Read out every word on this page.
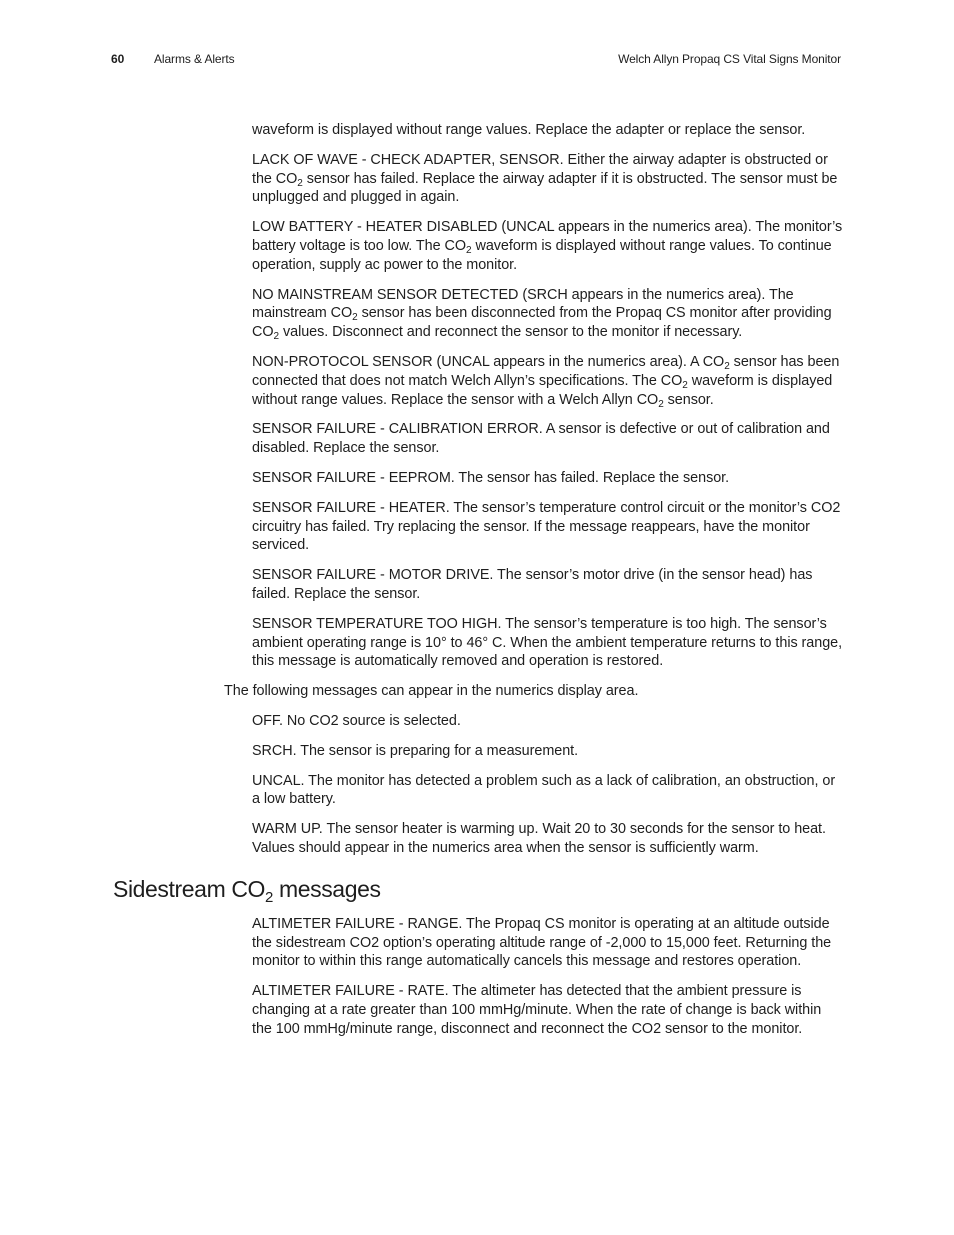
60 Alarms & Alerts	Welch Allyn Propaq CS Vital Signs Monitor

waveform is displayed without range values. Replace the adapter or replace the sensor.

LACK OF WAVE - CHECK ADAPTER, SENSOR. Either the airway adapter is obstructed or the $CO_2$ sensor has failed. Replace the airway adapter if it is obstructed. The sensor must be unplugged and plugged in again.

LOW BATTERY - HEATER DISABLED (UNCAL appears in the numerics area). The monitor’s battery voltage is too low. The $CO_2$ waveform is displayed without range values. To continue operation, supply ac power to the monitor.

NO MAINSTREAM SENSOR DETECTED (SRCH appears in the numerics area). The mainstream $CO_2$ sensor has been disconnected from the Propaq CS monitor after providing $CO_2$ values. Disconnect and reconnect the sensor to the monitor if necessary.

NON-PROTOCOL SENSOR (UNCAL appears in the numerics area). A $CO_2$ sensor has been connected that does not match Welch Allyn’s specifications. The $CO_2$ waveform is displayed without range values. Replace the sensor with a Welch Allyn $CO_2$ sensor.

SENSOR FAILURE - CALIBRATION ERROR. A sensor is defective or out of calibration and disabled. Replace the sensor.

SENSOR FAILURE - EEPROM. The sensor has failed. Replace the sensor.

SENSOR FAILURE - HEATER. The sensor’s temperature control circuit or the monitor’s CO2 circuitry has failed. Try replacing the sensor. If the message reappears, have the monitor serviced.

SENSOR FAILURE - MOTOR DRIVE. The sensor’s motor drive (in the sensor head) has failed. Replace the sensor.

SENSOR TEMPERATURE TOO HIGH. The sensor’s temperature is too high. The sensor’s ambient operating range is 10° to 46° C. When the ambient temperature returns to this range, this message is automatically removed and operation is restored.

The following messages can appear in the numerics display area.

OFF. No CO2 source is selected.

SRCH. The sensor is preparing for a measurement.

UNCAL. The monitor has detected a problem such as a lack of calibration, an obstruction, or a low battery.

WARM UP. The sensor heater is warming up. Wait 20 to 30 seconds for the sensor to heat. Values should appear in the numerics area when the sensor is sufficiently warm.

Sidestream $CO_2$ messages

ALTIMETER FAILURE - RANGE. The Propaq CS monitor is operating at an altitude outside the sidestream CO2 option’s operating altitude range of -2,000 to 15,000 feet. Returning the monitor to within this range automatically cancels this message and restores operation.

ALTIMETER FAILURE - RATE. The altimeter has detected that the ambient pressure is changing at a rate greater than 100 mmHg/minute. When the rate of change is back within the 100 mmHg/minute range, disconnect and reconnect the CO2 sensor to the monitor.
